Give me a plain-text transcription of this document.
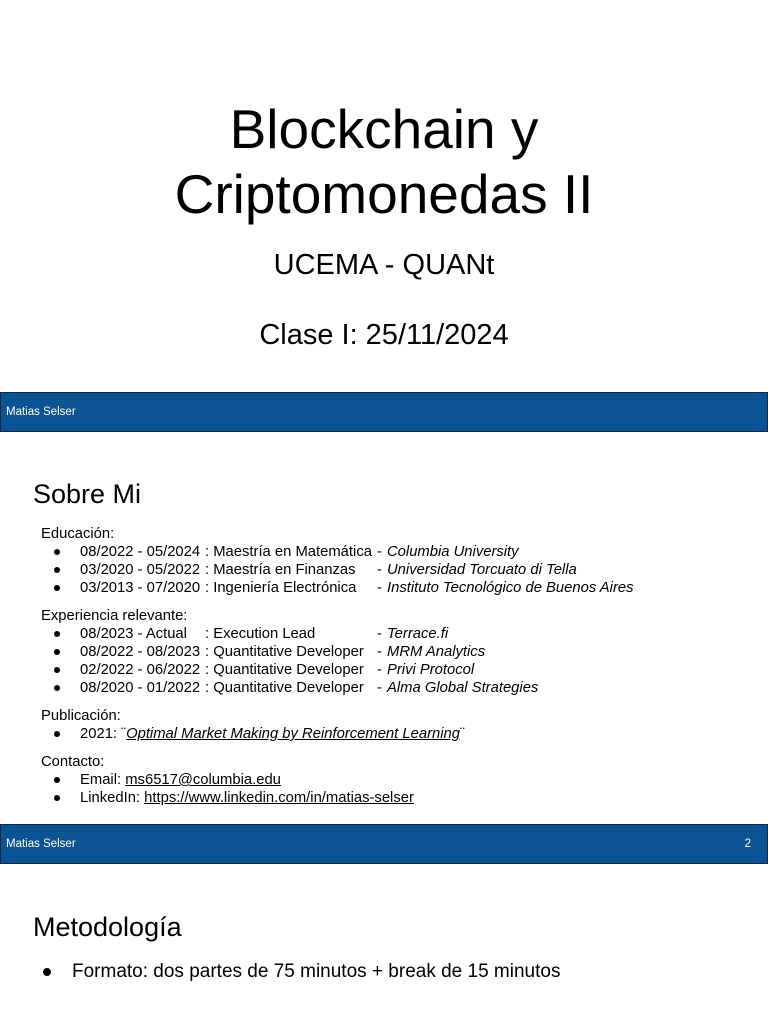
Blockchain y
Criptomonedas II
UCEMA - QUANt
Clase I: 25/11/2024
Matias Selser
Sobre Mi
Educación:
08/2022 - 05/2024 : Maestría en Matemática - Columbia University
03/2020 - 05/2022 : Maestría en Finanzas - Universidad Torcuato di Tella
03/2013 - 07/2020 : Ingeniería Electrónica - Instituto Tecnológico de Buenos Aires
Experiencia relevante:
08/2023 - Actual : Execution Lead	- Terrace.fi
08/2022 - 08/2023 : Quantitative Developer - MRM Analytics
02/2022 - 06/2022 : Quantitative Developer - Privi Protocol
08/2020 - 01/2022 : Quantitative Developer - Alma Global Strategies
Publicación:
2021: ¨Optimal Market Making by Reinforcement Learning¨
Contacto:
Email: ms6517@columbia.edu
LinkedIn: https://www.linkedin.com/in/matias-selser
Matias Selser	2
Metodología
Formato: dos partes de 75 minutos + break de 15 minutos
